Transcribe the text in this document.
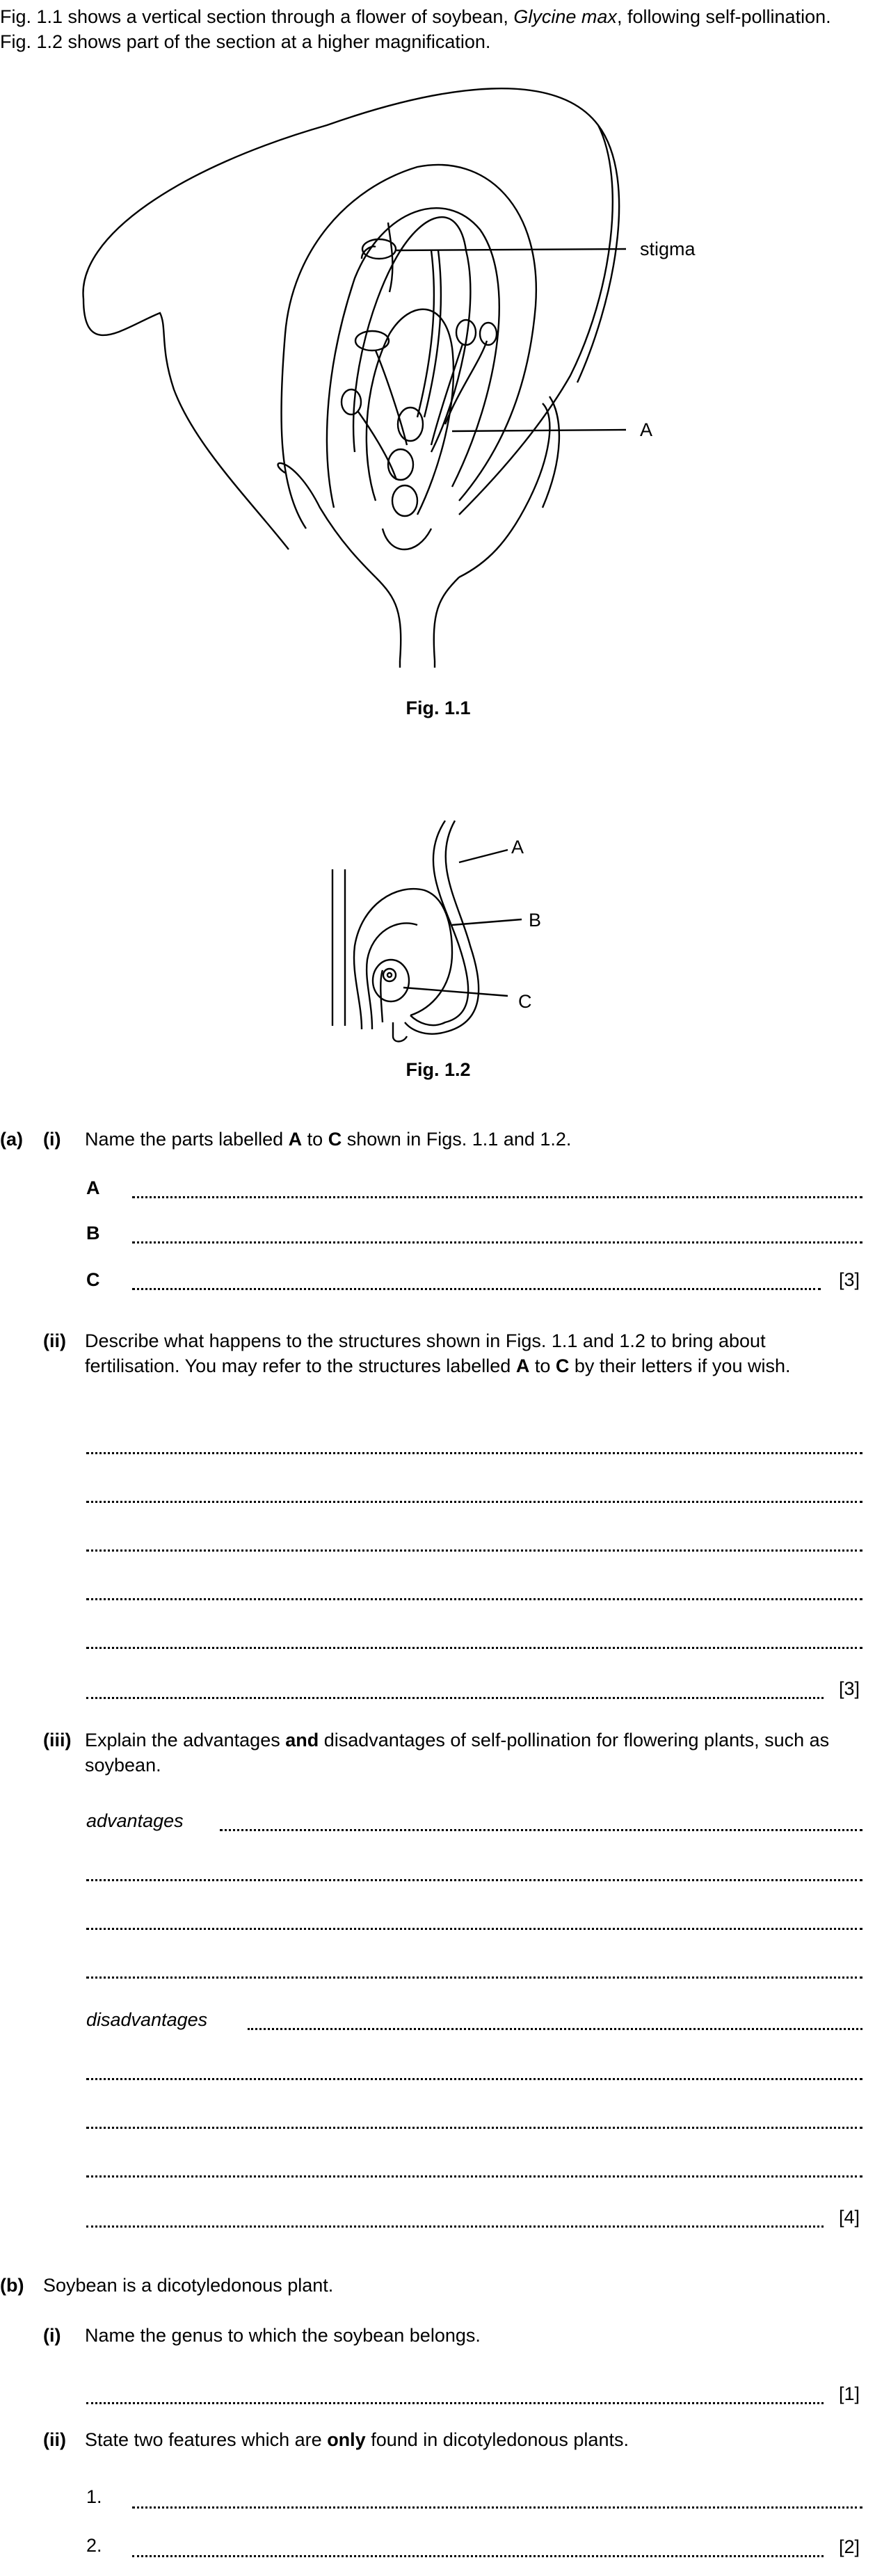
Fig. 1.1 shows a vertical section through a flower of soybean, Glycine max, following self-pollination. Fig. 1.2 shows part of the section at a higher magnification.
stigma
A
Fig. 1.1
A
B
C
Fig. 1.2
(a) (i) Name the parts labelled A to C shown in Figs. 1.1 and 1.2.
A
B
C	[3]
(ii) Describe what happens to the structures shown in Figs. 1.1 and 1.2 to bring about fertilisation. You may refer to the structures labelled A to C by their letters if you wish.
[3]
(iii) Explain the advantages and disadvantages of self-pollination for flowering plants, such as soybean.
advantages
disadvantages
[4]
(b) Soybean is a dicotyledonous plant.
(i) Name the genus to which the soybean belongs.
[1]
(ii) State two features which are only found in dicotyledonous plants.
1.
2.	[2]
